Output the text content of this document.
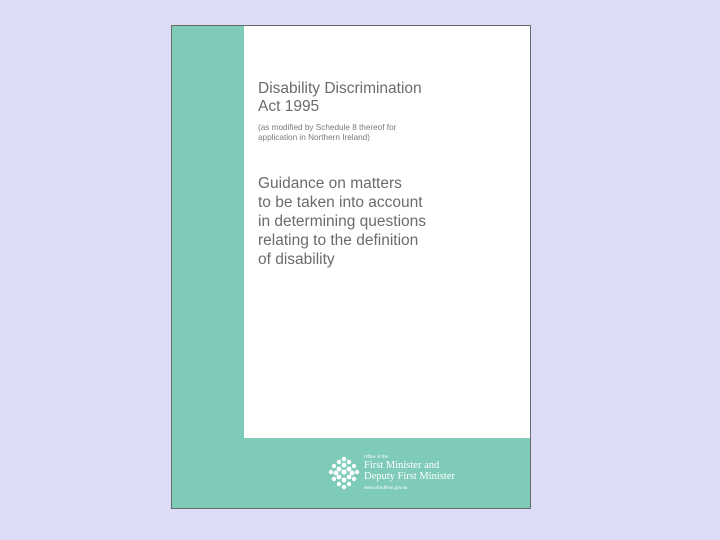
Disability Discrimination
Act 1995

(as modified by Schedule 8 thereof for
application in Northern Ireland)

Guidance on matters
to be taken into account
in determining questions
relating to the definition
of disability
Office of the
First Minister and
Deputy First Minister
www.ofmdfmni.gov.uk
